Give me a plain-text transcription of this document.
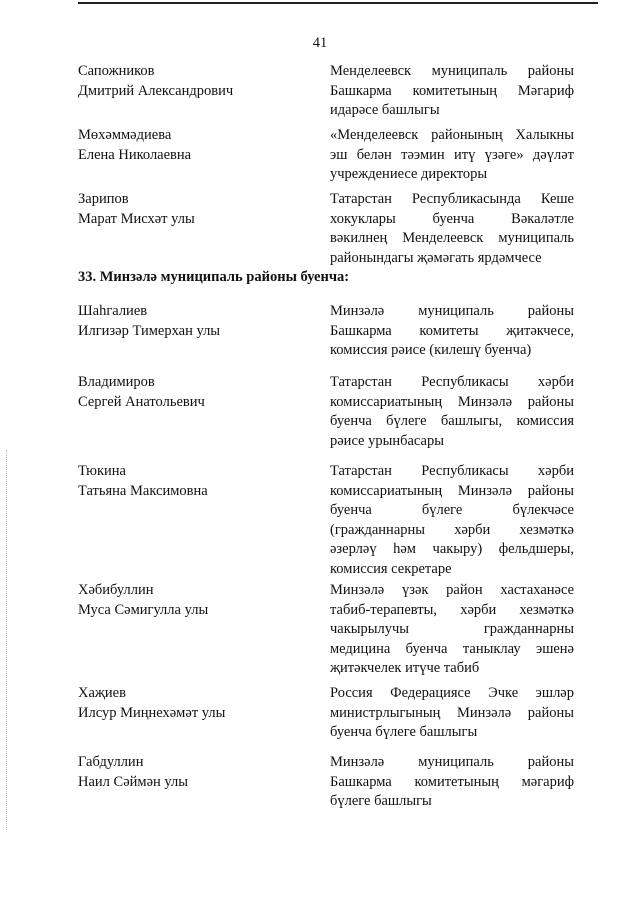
41
Сапожников
Дмитрий Александрович
Менделеевск муниципаль районы
Башкарма комитетының Мәгариф
идарәсе башлыгы
Мөхәммәдиева
Елена Николаевна
«Менделеевск районының Халыкны
эш белән тәэмин итү үзәге» дәүләт
учреждениесе директоры
Зарипов
Марат Мисхәт улы
Татарстан Республикасында Кеше
хокуклары буенча Вәкаләтле
вәкилнең Менделеевск муниципаль
районындагы җәмәгать ярдәмчесе
33. Минзәлә муниципаль районы буенча:
Шаһгалиев
Илгизәр Тимерхан улы
Минзәлә муниципаль районы
Башкарма комитеты җитәкчесе,
комиссия рәисе (килешү буенча)
Владимиров
Сергей Анатольевич
Татарстан Республикасы хәрби
комиссариатының Минзәлә районы
буенча бүлеге башлыгы, комиссия
рәисе урынбасары
Тюкина
Татьяна Максимовна
Татарстан Республикасы хәрби
комиссариатының Минзәлә районы
буенча бүлеге бүлекчәсе
(гражданнарны хәрби хезмәткә
әзерләү һәм чакыру) фельдшеры,
комиссия секретаре
Хәбибуллин
Муса Сәмигулла улы
Минзәлә үзәк район хастаханәсе
табиб-терапевты, хәрби хезмәткә
чакырылучы гражданнарны
медицина буенча таныклау эшенә
җитәкчелек итүче табиб
Хаҗиев
Илсур Миңнехәмәт улы
Россия Федерациясе Эчке эшләр
министрлыгының Минзәлә районы
буенча бүлеге башлыгы
Габдуллин
Наил Сәймән улы
Минзәлә муниципаль районы
Башкарма комитетының мәгариф
бүлеге башлыгы
